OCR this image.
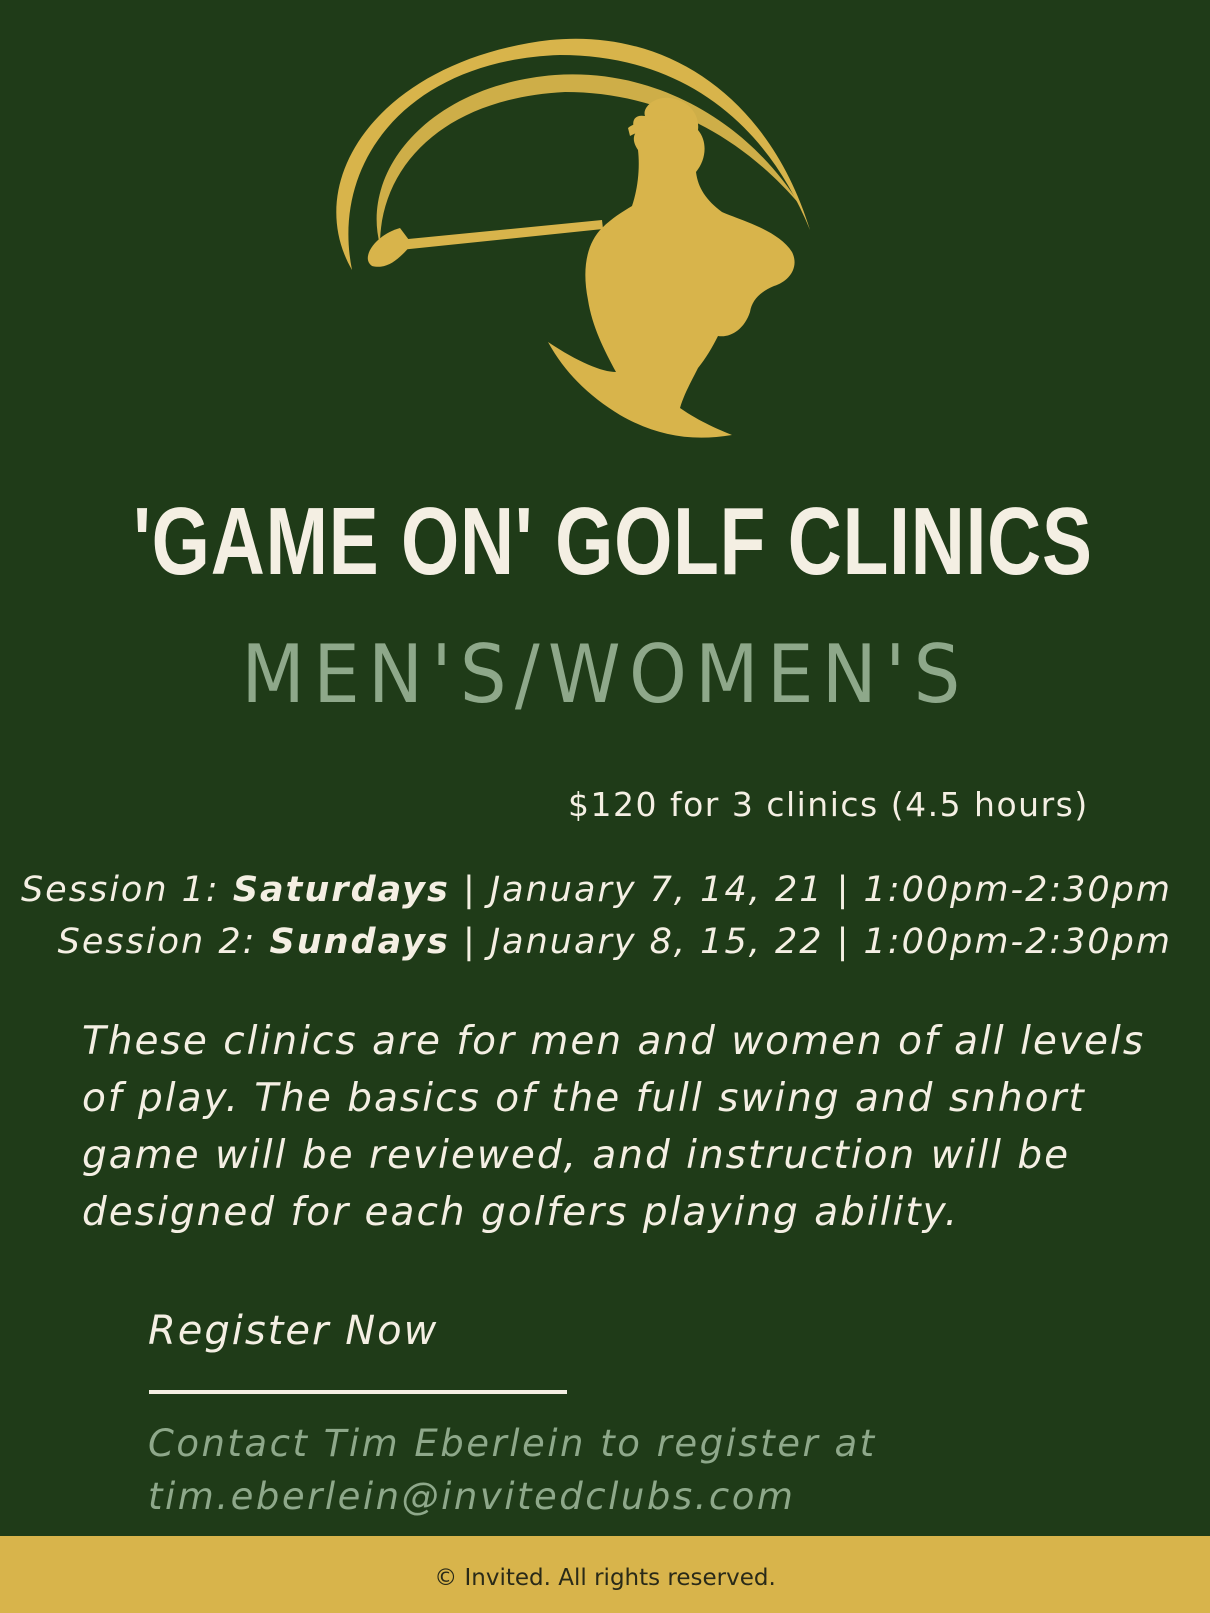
'GAME ON' GOLF CLINICS
MEN'S/WOMEN'S
$120 for 3 clinics (4.5 hours)
Session 1: Saturdays | January 7, 14, 21 | 1:00pm-2:30pm
Session 2: Sundays | January 8, 15, 22 | 1:00pm-2:30pm
These clinics are for men and women of all levels
of play. The basics of the full swing and snhort
game will be reviewed, and instruction will be
designed for each golfers playing ability.
Register Now
Contact Tim Eberlein to register at
tim.eberlein@invitedclubs.com
© Invited. All rights reserved.
